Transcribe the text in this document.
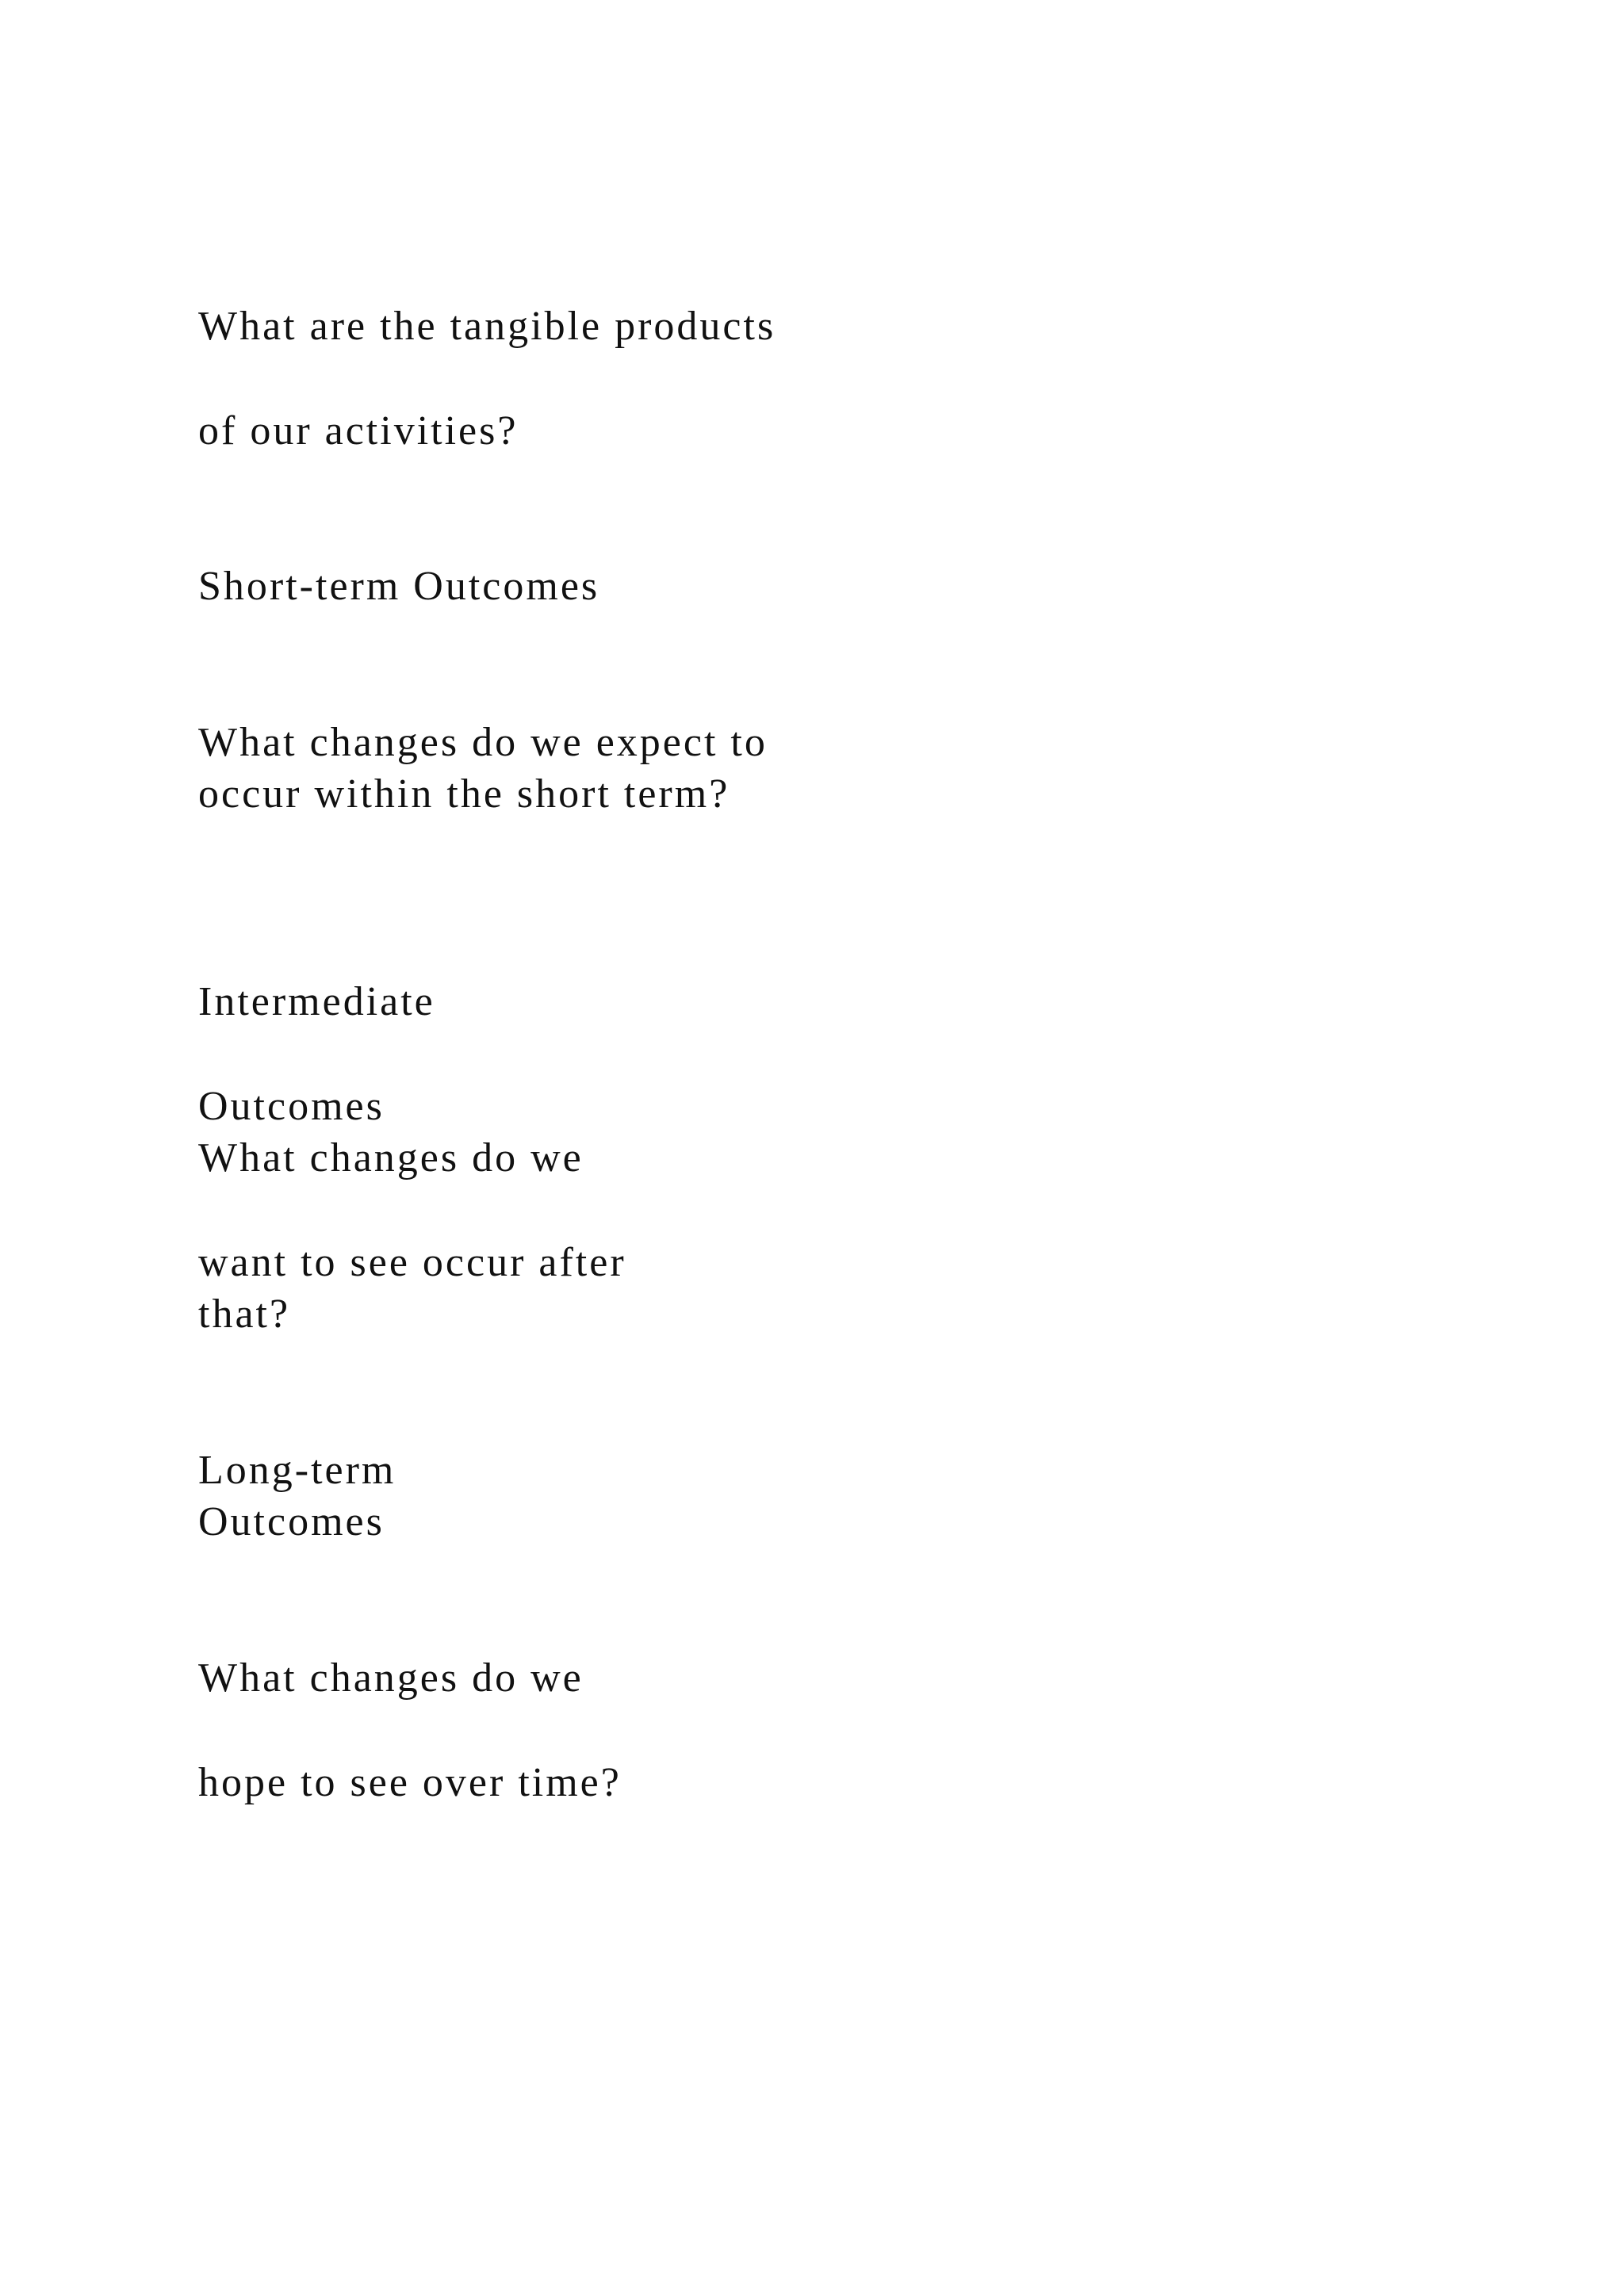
What are the tangible products

of our activities?

Short-term Outcomes

What changes do we expect to

occur within the short term?

Intermediate

Outcomes

What changes do we

want to see occur after

that?

Long-term

Outcomes

What changes do we

hope to see over time?
